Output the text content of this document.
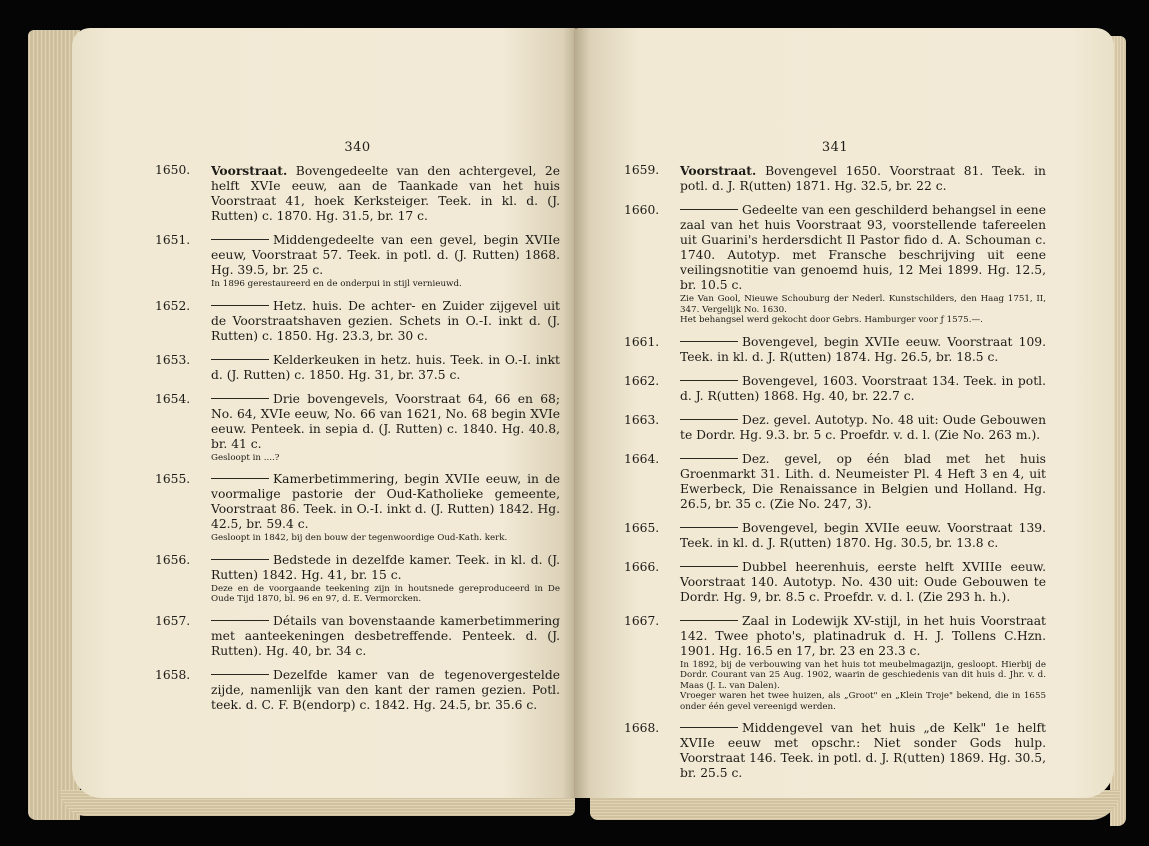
340
1650. Voorstraat. Bovengedeelte van den achtergevel, 2e helft XVIe eeuw, aan de Taankade van het huis Voorstraat 41, hoek Kerksteiger. Teek. in kl. d. (J. Rutten) c. 1870. Hg. 31.5, br. 17 c.
1651.	Middengedeelte van een gevel, begin XVIIe eeuw, Voorstraat 57. Teek. in potl. d. (J. Rutten) 1868. Hg. 39.5, br. 25 c.
In 1896 gerestaureerd en de onderpui in stijl vernieuwd.
1652.	Hetz. huis. De achter- en Zuider zijgevel uit de Voorstraatshaven gezien. Schets in O.-I. inkt d. (J. Rutten) c. 1850. Hg. 23.3, br. 30 c.
1653.	Kelderkeuken in hetz. huis. Teek. in O.-I. inkt d. (J. Rutten) c. 1850. Hg. 31, br. 37.5 c.
1654.	Drie bovengevels, Voorstraat 64, 66 en 68; No. 64, XVIe eeuw, No. 66 van 1621, No. 68 begin XVIe eeuw. Penteek. in sepia d. (J. Rutten) c. 1840. Hg. 40.8, br. 41 c.
Gesloopt in ....?
1655.	Kamerbetimmering, begin XVIIe eeuw, in de voormalige pastorie der Oud-Katholieke gemeente, Voorstraat 86. Teek. in O.-I. inkt d. (J. Rutten) 1842. Hg. 42.5, br. 59.4 c.
Gesloopt in 1842, bij den bouw der tegenwoordige Oud-Kath. kerk.
1656.	Bedstede in dezelfde kamer. Teek. in kl. d. (J. Rutten) 1842. Hg. 41, br. 15 c.
Deze en de voorgaande teekening zijn in houtsnede gereproduceerd in De Oude Tijd 1870, bl. 96 en 97, d. E. Vermorcken.
1657.	Détails van bovenstaande kamerbetimmering met aanteekeningen desbetreffende. Penteek. d. (J. Rutten). Hg. 40, br. 34 c.
1658.	Dezelfde kamer van de tegenovergestelde zijde, namenlijk van den kant der ramen gezien. Potl. teek. d. C. F. B(endorp) c. 1842. Hg. 24.5, br. 35.6 c.
341
1659. Voorstraat. Bovengevel 1650. Voorstraat 81. Teek. in potl. d. J. R(utten) 1871. Hg. 32.5, br. 22 c.
1660.	Gedeelte van een geschilderd behangsel in eene zaal van het huis Voorstraat 93, voorstellende tafereelen uit Guarini's herdersdicht Il Pastor fido d. A. Schouman c. 1740. Autotyp. met Fransche beschrijving uit eene veilingsnotitie van genoemd huis, 12 Mei 1899. Hg. 12.5, br. 10.5 c.
Zie Van Gool, Nieuwe Schouburg der Nederl. Kunstschilders, den Haag 1751, II, 347. Vergelijk No. 1630.
Het behangsel werd gekocht door Gebrs. Hamburger voor ƒ 1575.—.
1661.	Bovengevel, begin XVIIe eeuw. Voorstraat 109. Teek. in kl. d. J. R(utten) 1874. Hg. 26.5, br. 18.5 c.
1662.	Bovengevel, 1603. Voorstraat 134. Teek. in potl. d. J. R(utten) 1868. Hg. 40, br. 22.7 c.
1663.	Dez. gevel. Autotyp. No. 48 uit: Oude Gebouwen te Dordr. Hg. 9.3. br. 5 c. Proefdr. v. d. l. (Zie No. 263 m.).
1664.	Dez. gevel, op één blad met het huis Groenmarkt 31. Lith. d. Neumeister Pl. 4 Heft 3 en 4, uit Ewerbeck, Die Renaissance in Belgien und Holland. Hg. 26.5, br. 35 c. (Zie No. 247, 3).
1665.	Bovengevel, begin XVIIe eeuw. Voorstraat 139. Teek. in kl. d. J. R(utten) 1870. Hg. 30.5, br. 13.8 c.
1666.	Dubbel heerenhuis, eerste helft XVIIIe eeuw. Voorstraat 140. Autotyp. No. 430 uit: Oude Gebouwen te Dordr. Hg. 9, br. 8.5 c. Proefdr. v. d. l. (Zie 293 h. h.).
1667.	Zaal in Lodewijk XV-stijl, in het huis Voorstraat 142. Twee photo's, platinadruk d. H. J. Tollens C.Hzn. 1901. Hg. 16.5 en 17, br. 23 en 23.3 c.
In 1892, bij de verbouwing van het huis tot meubelmagazijn, gesloopt. Hierbij de Dordr. Courant van 25 Aug. 1902, waarin de geschiedenis van dit huis d. Jhr. v. d. Maas (J. L. van Dalen).
Vroeger waren het twee huizen, als „Groot" en „Klein Troje" bekend, die in 1655 onder één gevel vereenigd werden.
1668.	Middengevel van het huis „de Kelk" 1e helft XVIIe eeuw met opschr.: Niet sonder Gods hulp. Voorstraat 146. Teek. in potl. d. J. R(utten) 1869. Hg. 30.5, br. 25.5 c.
